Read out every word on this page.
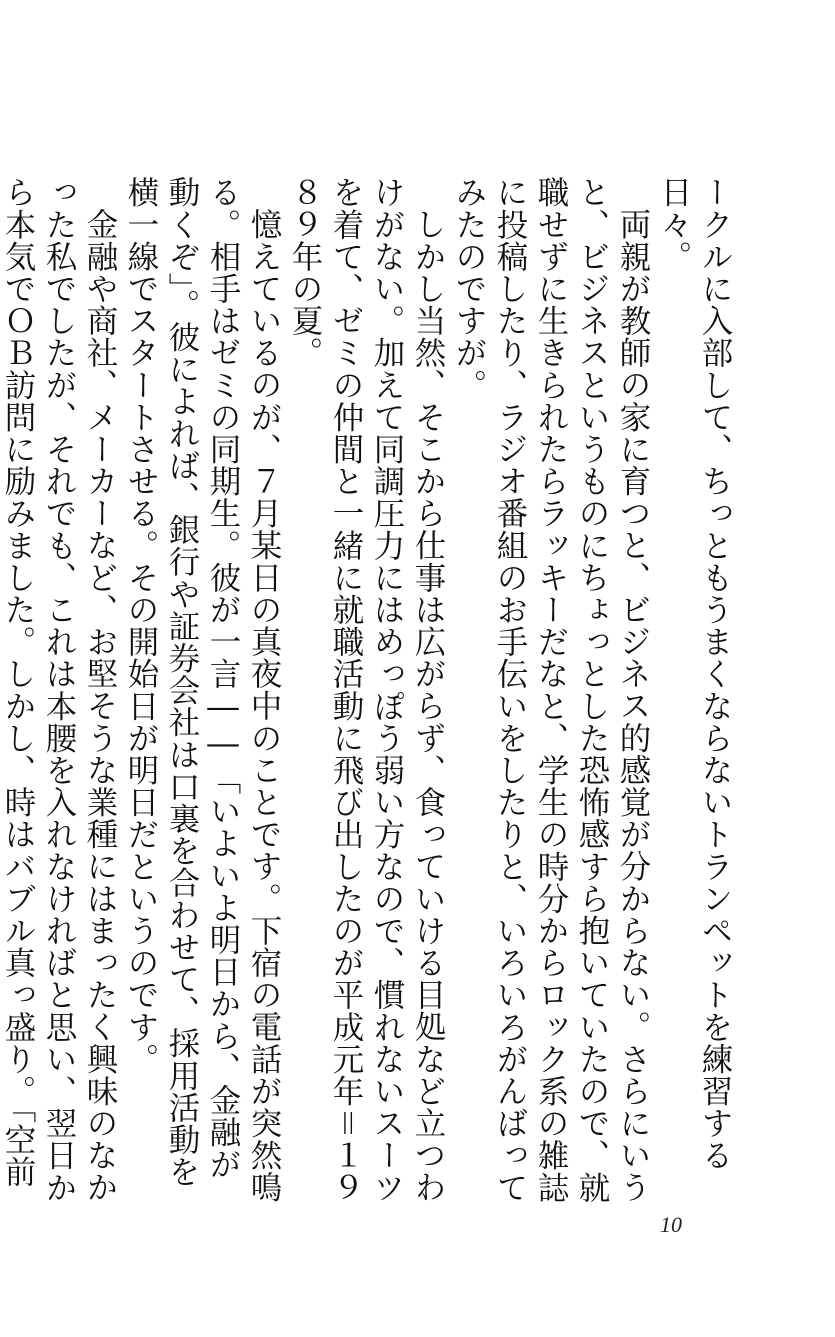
ークルに入部して、ちっともうまくならないトランペットを練習する日々。

両親が教師の家に育つと、ビジネス的感覚が分からない。さらにいうと、ビジネスというものにちょっとした恐怖感すら抱いていたので、就職せずに生きられたらラッキーだなと、学生の時分からロック系の雑誌に投稿したり、ラジオ番組のお手伝いをしたりと、いろいろがんばってみたのですが。

しかし当然、そこから仕事は広がらず、食っていける目処など立つわけがない。加えて同調圧力にはめっぽう弱い方なので、慣れないスーツを着て、ゼミの仲間と一緒に就職活動に飛び出したのが平成元年＝１９８９年の夏。

憶えているのが、７月某日の真夜中のことです。下宿の電話が突然鳴る。相手はゼミの同期生。彼が一言――「いよいよ明日から、金融が動くぞ」。彼によれば、銀行や証券会社は口裏を合わせて、採用活動を横一線でスタートさせる。その開始日が明日だというのです。

金融や商社、メーカーなど、お堅そうな業種にはまったく興味のなかった私でしたが、それでも、これは本腰を入れなければと思い、翌日から本気でＯＢ訪問に励みました。しかし、時はバブル真っ盛り。「空前

10
